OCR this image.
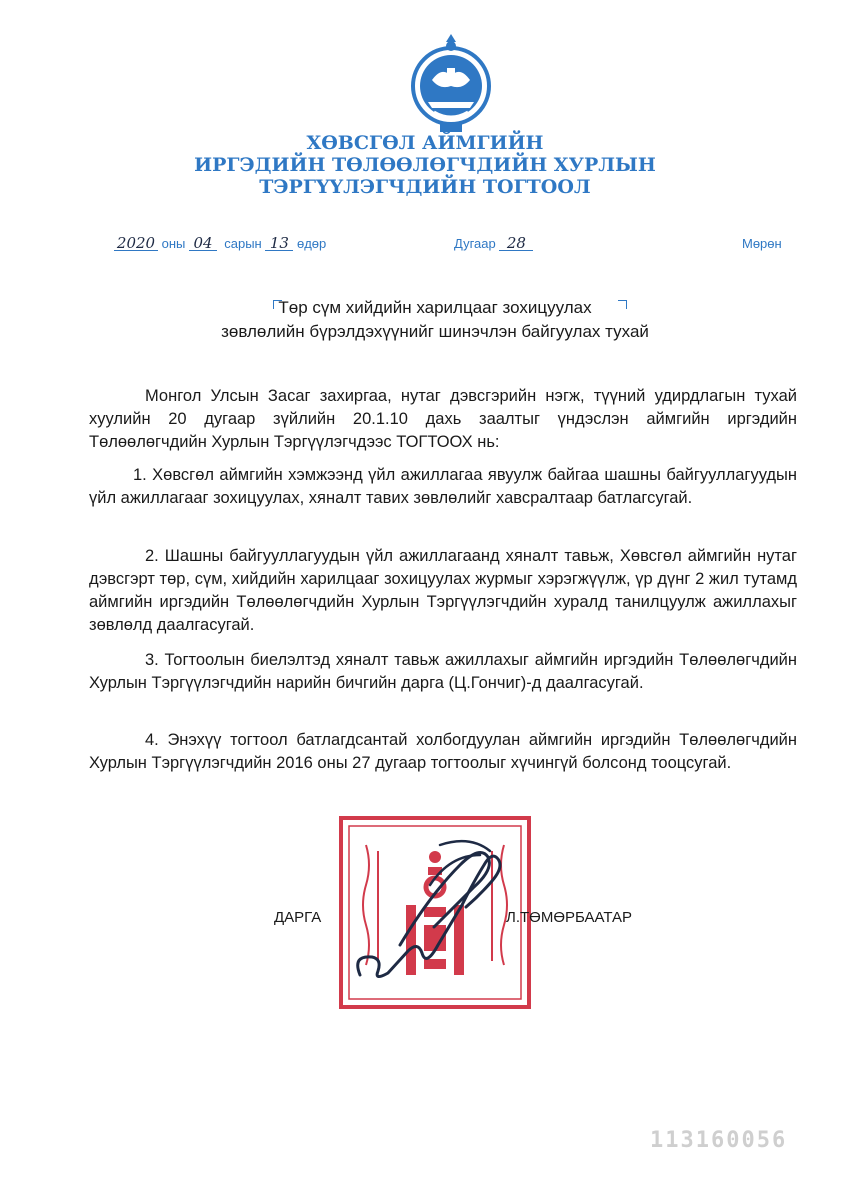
ХӨВСГӨЛ АЙМГИЙН
ИРГЭДИЙН ТӨЛӨӨЛӨГЧДИЙН ХУРЛЫН
ТЭРГҮҮЛЭГЧДИЙН ТОГТООЛ
2020 оны 04 сарын 13 өдөр	Дугаар 28	Мөрөн
Төр сүм хийдийн харилцааг зохицуулах
зөвлөлийн бүрэлдэхүүнийг шинэчлэн байгуулах тухай

Монгол Улсын Засаг захиргаа, нутаг дэвсгэрийн нэгж, түүний удирдлагын тухай хуулийн 20 дугаар зүйлийн 20.1.10 дахь заалтыг үндэслэн аймгийн иргэдийн Төлөөлөгчдийн Хурлын Тэргүүлэгчдээс ТОГТООХ нь:

1. Хөвсгөл аймгийн хэмжээнд үйл ажиллагаа явуулж байгаа шашны байгууллагуудын үйл ажиллагааг зохицуулах, хяналт тавих зөвлөлийг хавсралтаар батлагсугай.

2. Шашны байгууллагуудын үйл ажиллагаанд хяналт тавьж, Хөвсгөл аймгийн нутаг дэвсгэрт төр, сүм, хийдийн харилцааг зохицуулах журмыг хэрэгжүүлж, үр дүнг 2 жил тутамд аймгийн иргэдийн Төлөөлөгчдийн Хурлын Тэргүүлэгчдийн хуралд танилцуулж ажиллахыг зөвлөлд даалгасугай.

3. Тогтоолын биелэлтэд хяналт тавьж ажиллахыг аймгийн иргэдийн Төлөөлөгчдийн Хурлын Тэргүүлэгчдийн нарийн бичгийн дарга (Ц.Гончиг)-д даалгасугай.

4. Энэхүү тогтоол батлагдсантай холбогдуулан аймгийн иргэдийн Төлөөлөгчдийн Хурлын Тэргүүлэгчдийн 2016 оны 27 дугаар тогтоолыг хүчингүй болсонд тооцсугай.

ДАРГА	Л.ТӨМӨРБААТАР
113160056
